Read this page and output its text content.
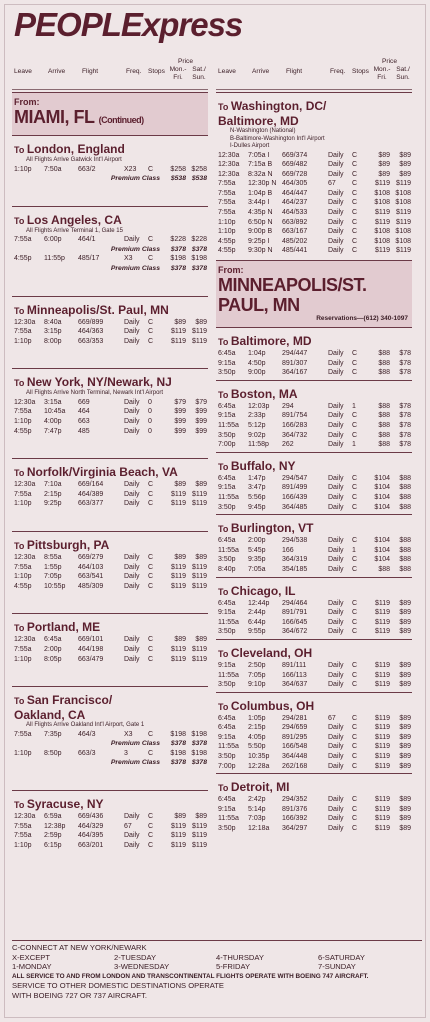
PEOPLExpress
Leave Arrive	Flight	Freq. Stops
Price
Mon.-
Fri.
Sat./
Sun.
Leave Arrive	Flight	Freq. Stops
Price
Mon.-
Fri.
Sat./
Sun.
From:
MIAMI, FL (Continued)
To London, England
All Flights Arrive Gatwick Int'l Airport
1:10p 7:50a 663/2	X23 C $258 $258
Premium Class $538 $538
To Los Angeles, CA
All Flights Arrive Terminal 1, Gate 15
7:55a 6:00p 464/1	Daily C $228 $228
Premium Class $378 $378
4:55p 11:55p 485/17	X3 C $198 $198
Premium Class $378 $378
To Minneapolis/St. Paul, MN
12:30a 8:40a 669/899	Daily C	$89 $89
7:55a 3:15p 464/363	Daily C	$119 $119
1:10p 8:00p 663/353	Daily C	$119 $119
To New York, NY/Newark, NJ
All Flights Arrive North Terminal, Newark Int'l Airport
12:30a 3:15a 669	Daily 0	$79 $79
7:55a 10:45a 464	Daily 0	$99 $99
1:10p 4:00p 663	Daily 0	$99 $99
4:55p 7:47p 485	Daily 0	$99 $99
To Norfolk/Virginia Beach, VA
12:30a 7:10a 669/164	Daily C	$89 $89
7:55a 2:15p 464/389	Daily C	$119 $119
1:10p 9:25p 663/377	Daily C	$119 $119
To Pittsburgh, PA
12:30a 8:55a 669/279	Daily C	$89 $89
7:55a 1:55p 464/103	Daily C	$119 $119
1:10p 7:05p 663/541	Daily C	$119 $119
4:55p 10:55p 485/309	Daily C	$119 $119
To Portland, ME
12:30a 6:45a 669/101	Daily C	$89 $89
7:55a 2:00p 464/198	Daily C	$119 $119
1:10p 8:05p 663/479	Daily C	$119 $119
To San Francisco/
Oakland, CA
All Flights Arrive Oakland Int'l Airport, Gate 1
7:55a 7:35p 464/3	X3 C $198 $198
Premium Class $378 $378
1:10p 8:50p 663/3	3	C $198 $198
Premium Class $378 $378
To Syracuse, NY
12:30a 6:59a 669/436	Daily C	$89 $89
7:55a 12:38p 464/329	67 C	$119 $119
7:55a 2:59p 464/395	Daily C	$119 $119
1:10p 6:15p 663/201	Daily C	$119 $119
To Washington, DC/
Baltimore, MD
N-Washington (National)
B-Baltimore-Washington Int'l Airport
I-Dulles Airport
12:30a 7:05a I 669/374	Daily C	$89 $89
12:30a 7:15a B 669/482	Daily C	$89 $89
12:30a 8:32a N 669/728	Daily C	$89 $89
7:55a 12:30p N 464/305	67 C	$119 $119
7:55a 1:04p B 464/447	Daily C $108 $108
7:55a 3:44p I 464/237	Daily C $108 $108
7:55a 4:35p N 464/533	Daily C	$119 $119
1:10p 6:50p N 663/892	Daily C	$119 $119
1:10p 9:00p B 663/167	Daily C $108 $108
4:55p 9:25p I 485/202	Daily C $108 $108
4:55p 9:30p N 485/441	Daily C	$119 $119
From:
MINNEAPOLIS/ST.
PAUL, MN
Reservations—(612) 340-1097
To Baltimore, MD
6:45a 1:04p 294/447	Daily C	$88 $78
9:15a 4:50p 891/307	Daily C	$88 $78
3:50p 9:00p 364/167	Daily C	$88 $78
To Boston, MA
6:45a 12:03p 294	Daily 1	$88 $78
9:15a 2:33p 891/754	Daily C	$88 $78
11:55a 5:12p 166/283	Daily C	$88 $78
3:50p 9:02p 364/732	Daily C	$88 $78
7:00p 11:58p 262	Daily 1	$88 $78
To Buffalo, NY
6:45a 1:47p 294/547	Daily C $104 $88
9:15a 3:47p 891/499	Daily C $104 $88
11:55a 5:56p 166/439	Daily C $104 $88
3:50p 9:45p 364/485	Daily C $104 $88
To Burlington, VT
6:45a 2:00p 294/538	Daily C $104 $88
11:55a 5:45p 166	Daily 1	$104 $88
3:50p 9:35p 364/319	Daily C $104 $88
8:40p 7:05a 354/185	Daily C	$88 $88
To Chicago, IL
6:45a 12:44p 294/464	Daily C	$119 $89
9:15a 2:44p 891/791	Daily C	$119 $89
11:55a 6:44p 166/645	Daily C	$119 $89
3:50p 9:55p 364/672	Daily C	$119 $89
To Cleveland, OH
9:15a 2:50p 891/111	Daily C	$119 $89
11:55a 7:05p 166/113	Daily C	$119 $89
3:50p 9:10p 364/637	Daily C	$119 $89
To Columbus, OH
6:45a 1:05p 294/281	67 C	$119 $89
6:45a 2:15p 294/659	Daily C	$119 $89
9:15a 4:05p 891/295	Daily C	$119 $89
11:55a 5:50p 166/548	Daily C	$119 $89
3:50p 10:35p 364/448	Daily C	$119 $89
7:00p 12:28a 262/168	Daily C	$119 $89
To Detroit, MI
6:45a 2:42p 294/352	Daily C	$119 $89
9:15a 5:14p 891/376	Daily C	$119 $89
11:55a 7:03p 166/392	Daily C	$119 $89
3:50p 12:18a 364/297	Daily C	$119 $89
C-CONNECT AT NEW YORK/NEWARK
X-EXCEPT	2-TUESDAY	4-THURSDAY	6-SATURDAY
1-MONDAY	3-WEDNESDAY	5-FRIDAY	7-SUNDAY
ALL SERVICE TO AND FROM LONDON AND TRANSCONTINENTAL FLIGHTS OPERATE WITH BOEING 747 AIRCRAFT.
SERVICE TO OTHER DOMESTIC DESTINATIONS OPERATE
WITH BOEING 727 OR 737 AIRCRAFT.
